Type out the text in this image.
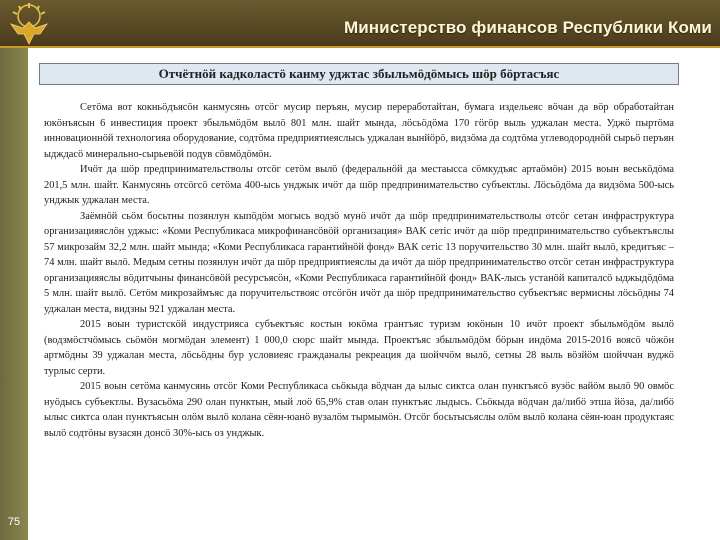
Министерство финансов Республики Коми
75
Отчётнӧй кадколастӧ канму уджтас збыльмӧдӧмысь шӧр бӧртасъяс

Сетӧма вот кокньӧдъясӧн канмусянь отсӧг мусир перъян, мусир переработайтан, бумага издельеяс вӧчан да вӧр обработайтан юкӧнъясын 6 инвестиция проект збыльмӧдӧм вылӧ 801 млн. шайт мында, лӧсьӧдӧма 170 гӧгӧр выль уджалан места. Уджӧ пыртӧма инновационнӧй технологияа оборудование, содтӧма предприятиеяслысь уджалан вынйӧрӧ, видзӧма да содтӧма углеводороднӧй сырьӧ перъян ыдждасӧ минерально-сырьевӧй подув сӧвмӧдӧмӧн.

Ичӧт да шӧр предпринимательстволы отсӧг сетӧм вылӧ (федеральнӧй да местаысса сӧмкудъяс артаӧмӧн) 2015 воын веськӧдӧма 201,5 млн. шайт. Канмусянь отсӧгсӧ сетӧма 400-ысь унджык ичӧт да шӧр предпринимательство субъектлы. Лӧсьӧдӧма да видзӧма 500-ысь унджык уджалан места.

Заёмнӧй сьӧм босьтны позянлун кыпӧдӧм могысь водзӧ мунӧ ичӧт да шӧр предпринимательстволы отсӧг сетан инфраструктура организацияяслӧн уджыс: «Коми Республикаса микрофинансӧвӧй организация» ВАК сетіс ичӧт да шӧр предпринимательство субъектъяслы 57 микрозайм 32,2 млн. шайт мында; «Коми Республикаса гарантийнӧй фонд» ВАК сетіс 13 поручительство 30 млн. шайт вылӧ, кредитъяс – 74 млн. шайт вылӧ. Медым сетны позянлун ичӧт да шӧр предприятиеяслы да ичӧт да шӧр предпринимательство отсӧг сетан инфраструктура организацияяслы вӧдитчыны финансӧвӧй ресурсъясӧн, «Коми Республикаса гарантийнӧй фонд» ВАК-лысь устанӧй капиталсӧ ыджыдӧдӧма 5 млн. шайт вылӧ. Сетӧм микрозаймъяс да поручительствояс отсӧгӧн ичӧт да шӧр предпринимательство субъектъяс вермисны лӧсьӧдны 74 уджалан места, видзны 921 уджалан места.

2015 воын туристскӧй индустрияса субъектъяс костын юкӧма грантъяс туризм юкӧнын 10 ичӧт проект збыльмӧдӧм вылӧ (водзмӧстчӧмысь сьӧмӧн могмӧдан элемент) 1 000,0 сюрс шайт мында. Проектъяс збыльмӧдӧм бӧрын индӧма 2015-2016 воясӧ чӧжӧн артмӧдны 39 уджалан места, лӧсьӧдны бур условиеяс гражданалы рекреация да шойччӧм вылӧ, сетны 28 выль вӧзйӧм шойччан вуджӧ турлыс серти.

2015 воын сетӧма канмусянь отсӧг Коми Республикаса сьӧкыда вӧдчан да ылыс сиктса олан пунктъясӧ вузӧс вайӧм вылӧ 90 овмӧс нуӧдысь субъектлы. Вузасьӧма 290 олан пунктын, мый лоӧ 65,9% став олан пунктъяс лыдысь. Сьӧкыда вӧдчан да/либӧ этша йӧза, да/либӧ ылыс сиктса олан пунктъясын олӧм вылӧ колана сёян-юанӧ вузалӧм тырмымӧн. Отсӧг босьтысьяслы олӧм вылӧ колана сёян-юан продуктаяс вылӧ содтӧны вузасян донсӧ 30%-ысь оз унджык.
